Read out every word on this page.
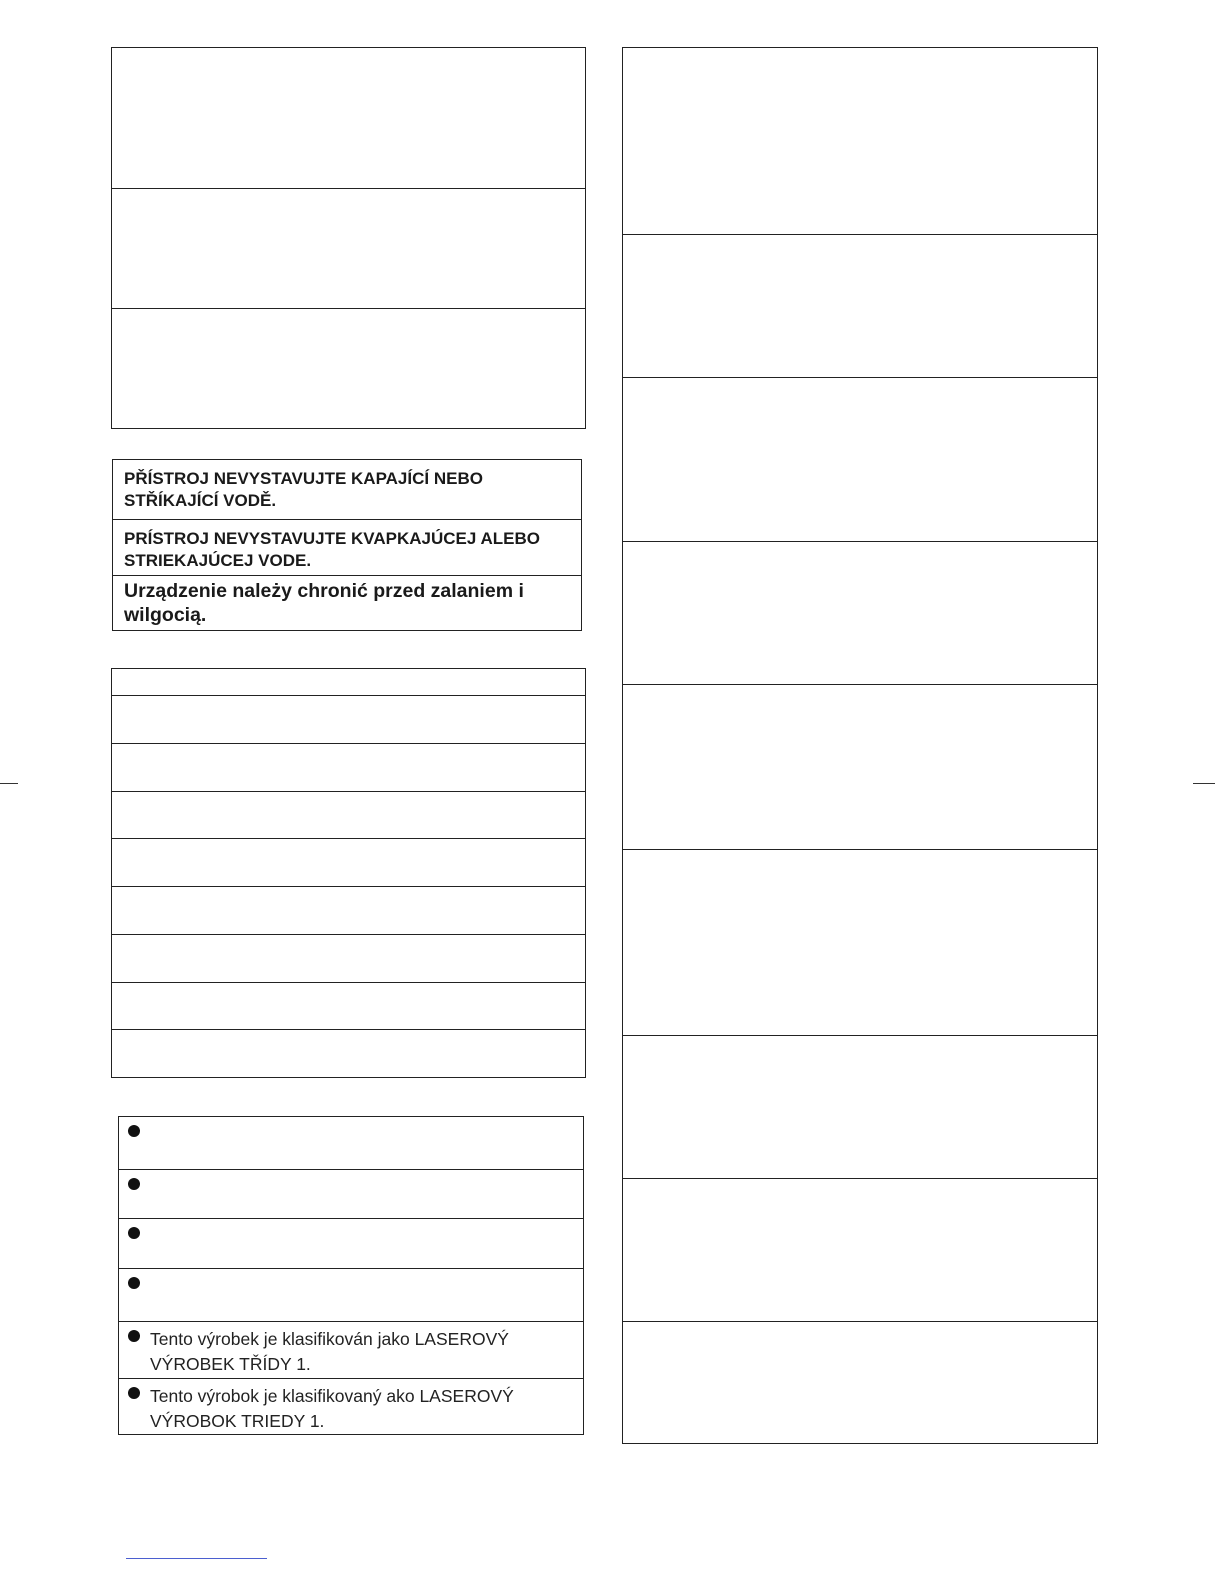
PŘÍSTROJ NEVYSTAVUJTE KAPAJÍCÍ NEBO STŘÍKAJÍCÍ VODĚ.
PRÍSTROJ NEVYSTAVUJTE KVAPKAJÚCEJ ALEBO STRIEKAJÚCEJ VODE.
Urządzenie należy chronić przed zalaniem i wilgocią.
Tento výrobek je klasifikován jako LASEROVÝ VÝROBEK TŘÍDY 1.
Tento výrobok je klasifikovaný ako LASEROVÝ VÝROBOK TRIEDY 1.
